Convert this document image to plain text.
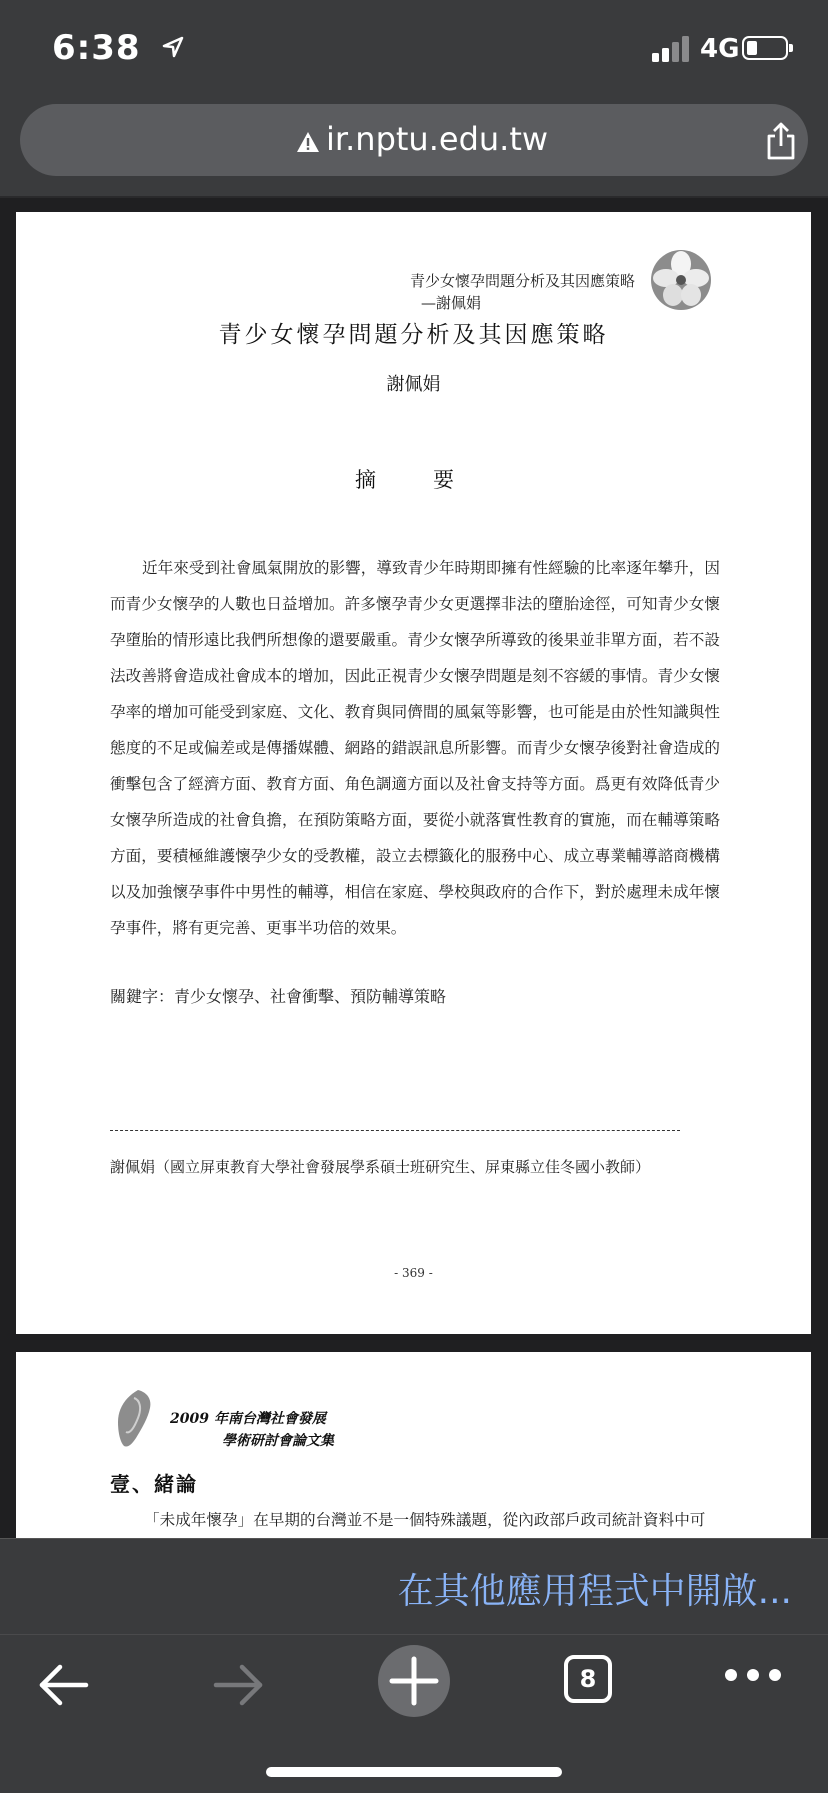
6:38	4G
ir.nptu.edu.tw
青少女懷孕問題分析及其因應策略
—謝佩娟
青少女懷孕問題分析及其因應策略
謝佩娟
摘　要
近年來受到社會風氣開放的影響，導致青少年時期即擁有性經驗的比率逐年攀升，因而青少女懷孕的人數也日益增加。許多懷孕青少女更選擇非法的墮胎途徑，可知青少女懷孕墮胎的情形遠比我們所想像的還要嚴重。青少女懷孕所導致的後果並非單方面，若不設法改善將會造成社會成本的增加，因此正視青少女懷孕問題是刻不容緩的事情。青少女懷孕率的增加可能受到家庭、文化、教育與同儕間的風氣等影響，也可能是由於性知識與性態度的不足或偏差或是傳播媒體、網路的錯誤訊息所影響。而青少女懷孕後對社會造成的衝擊包含了經濟方面、教育方面、角色調適方面以及社會支持等方面。爲更有效降低青少女懷孕所造成的社會負擔，在預防策略方面，要從小就落實性教育的實施，而在輔導策略方面，要積極維護懷孕少女的受教權，設立去標籤化的服務中心、成立專業輔導諮商機構以及加強懷孕事件中男性的輔導，相信在家庭、學校與政府的合作下，對於處理未成年懷孕事件，將有更完善、更事半功倍的效果。
關鍵字：青少女懷孕、社會衝擊、預防輔導策略
謝佩娟（國立屏東教育大學社會發展學系碩士班研究生、屏東縣立佳冬國小教師）
- 369 -
2009 年南台灣社會發展
學術研討會論文集
壹、緒論
「未成年懷孕」在早期的台灣並不是一個特殊議題，從內政部戶政司統計資料中可
在其他應用程式中開啟...
8
